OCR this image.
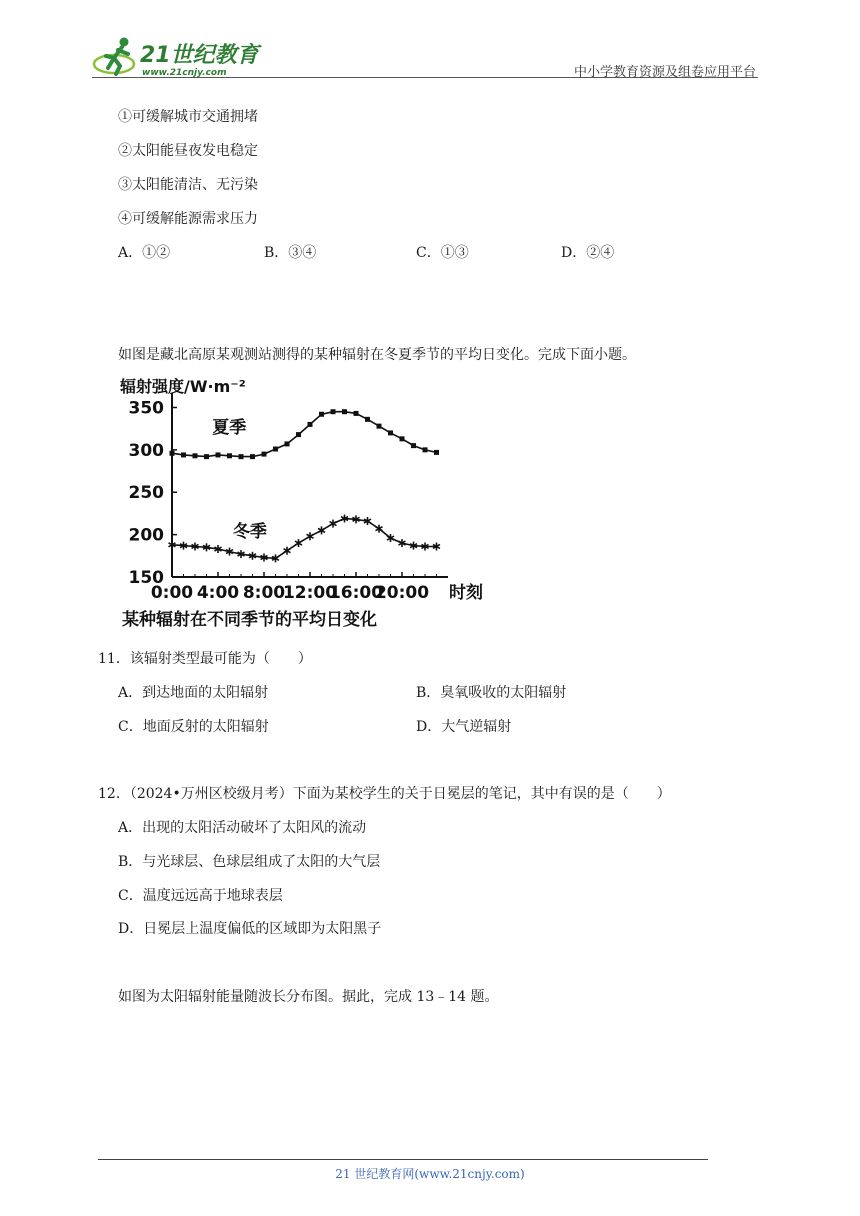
21世纪教育
www.21cnjy.com	中小学教育资源及组卷应用平台
①可缓解城市交通拥堵
②太阳能昼夜发电稳定
③太阳能清洁、无污染
④可缓解能源需求压力
A．①②	B．③④	C．①③	D．②④
如图是藏北高原某观测站测得的某种辐射在冬夏季节的平均日变化。完成下面小题。
150
200
250
300
350
0:00 4:00 8:00
12:00
16:00
20:00 时刻
辐射强度/W·m⁻²
某种辐射在不同季节的平均日变化
夏季
冬季
11．该辐射类型最可能为（　　）
A．到达地面的太阳辐射	B．臭氧吸收的太阳辐射
C．地面反射的太阳辐射	D．大气逆辐射
12．（2024•万州区校级月考）下面为某校学生的关于日冕层的笔记，其中有误的是（　　）
A．出现的太阳活动破坏了太阳风的流动
B．与光球层、色球层组成了太阳的大气层
C．温度远远高于地球表层
D．日冕层上温度偏低的区域即为太阳黑子
如图为太阳辐射能量随波长分布图。据此，完成 13﹣14 题。
21 世纪教育网(www.21cnjy.com)
